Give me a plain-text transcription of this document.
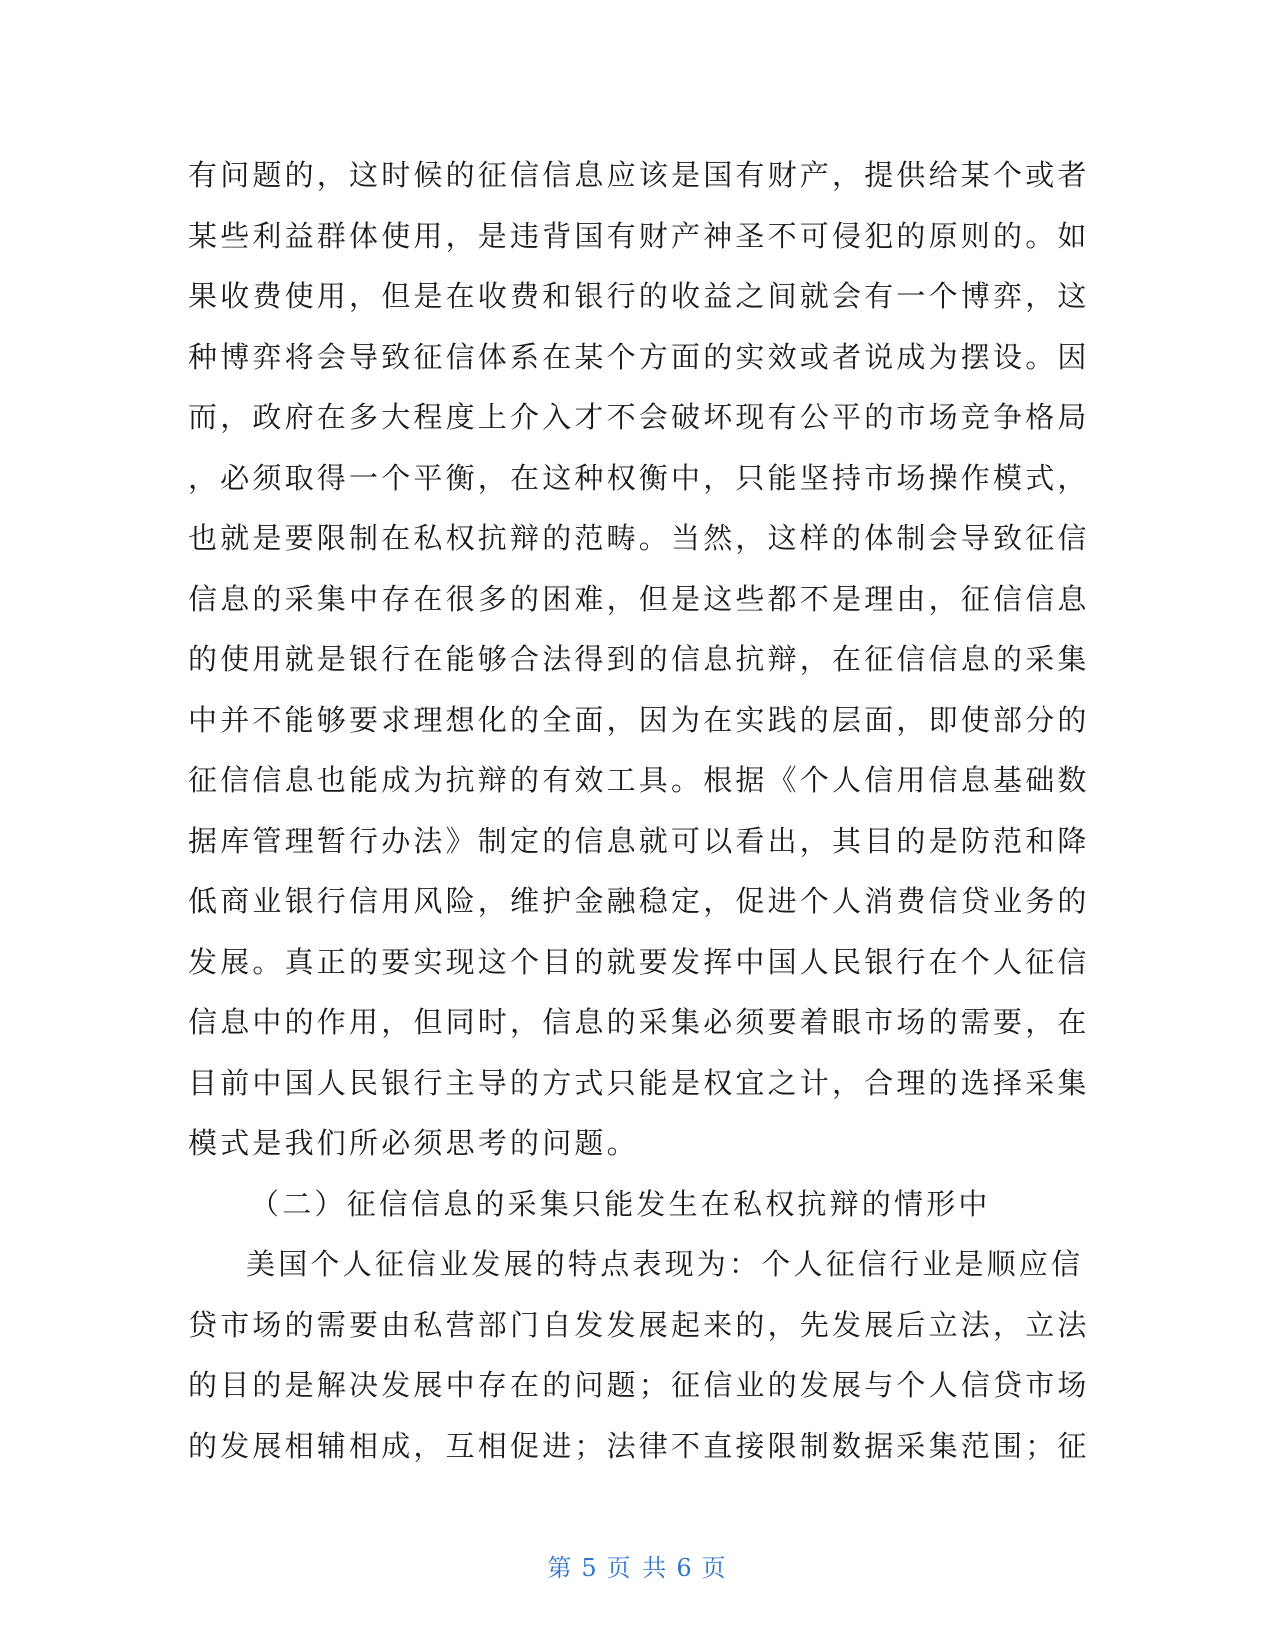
有问题的，这时候的征信信息应该是国有财产，提供给某个或者
某些利益群体使用，是违背国有财产神圣不可侵犯的原则的。如
果收费使用，但是在收费和银行的收益之间就会有一个博弈，这
种博弈将会导致征信体系在某个方面的实效或者说成为摆设。因
而，政府在多大程度上介入才不会破坏现有公平的市场竞争格局
，必须取得一个平衡，在这种权衡中，只能坚持市场操作模式，
也就是要限制在私权抗辩的范畴。当然，这样的体制会导致征信
信息的采集中存在很多的困难，但是这些都不是理由，征信信息
的使用就是银行在能够合法得到的信息抗辩，在征信信息的采集
中并不能够要求理想化的全面，因为在实践的层面，即使部分的
征信信息也能成为抗辩的有效工具。根据《个人信用信息基础数
据库管理暂行办法》制定的信息就可以看出，其目的是防范和降
低商业银行信用风险，维护金融稳定，促进个人消费信贷业务的
发展。真正的要实现这个目的就要发挥中国人民银行在个人征信
信息中的作用，但同时，信息的采集必须要着眼市场的需要，在
目前中国人民银行主导的方式只能是权宜之计，合理的选择采集
模式是我们所必须思考的问题。
（二）征信信息的采集只能发生在私权抗辩的情形中
美国个人征信业发展的特点表现为：个人征信行业是顺应信
贷市场的需要由私营部门自发发展起来的，先发展后立法，立法
的目的是解决发展中存在的问题；征信业的发展与个人信贷市场
的发展相辅相成，互相促进；法律不直接限制数据采集范围；征
第 5 页 共 6 页
